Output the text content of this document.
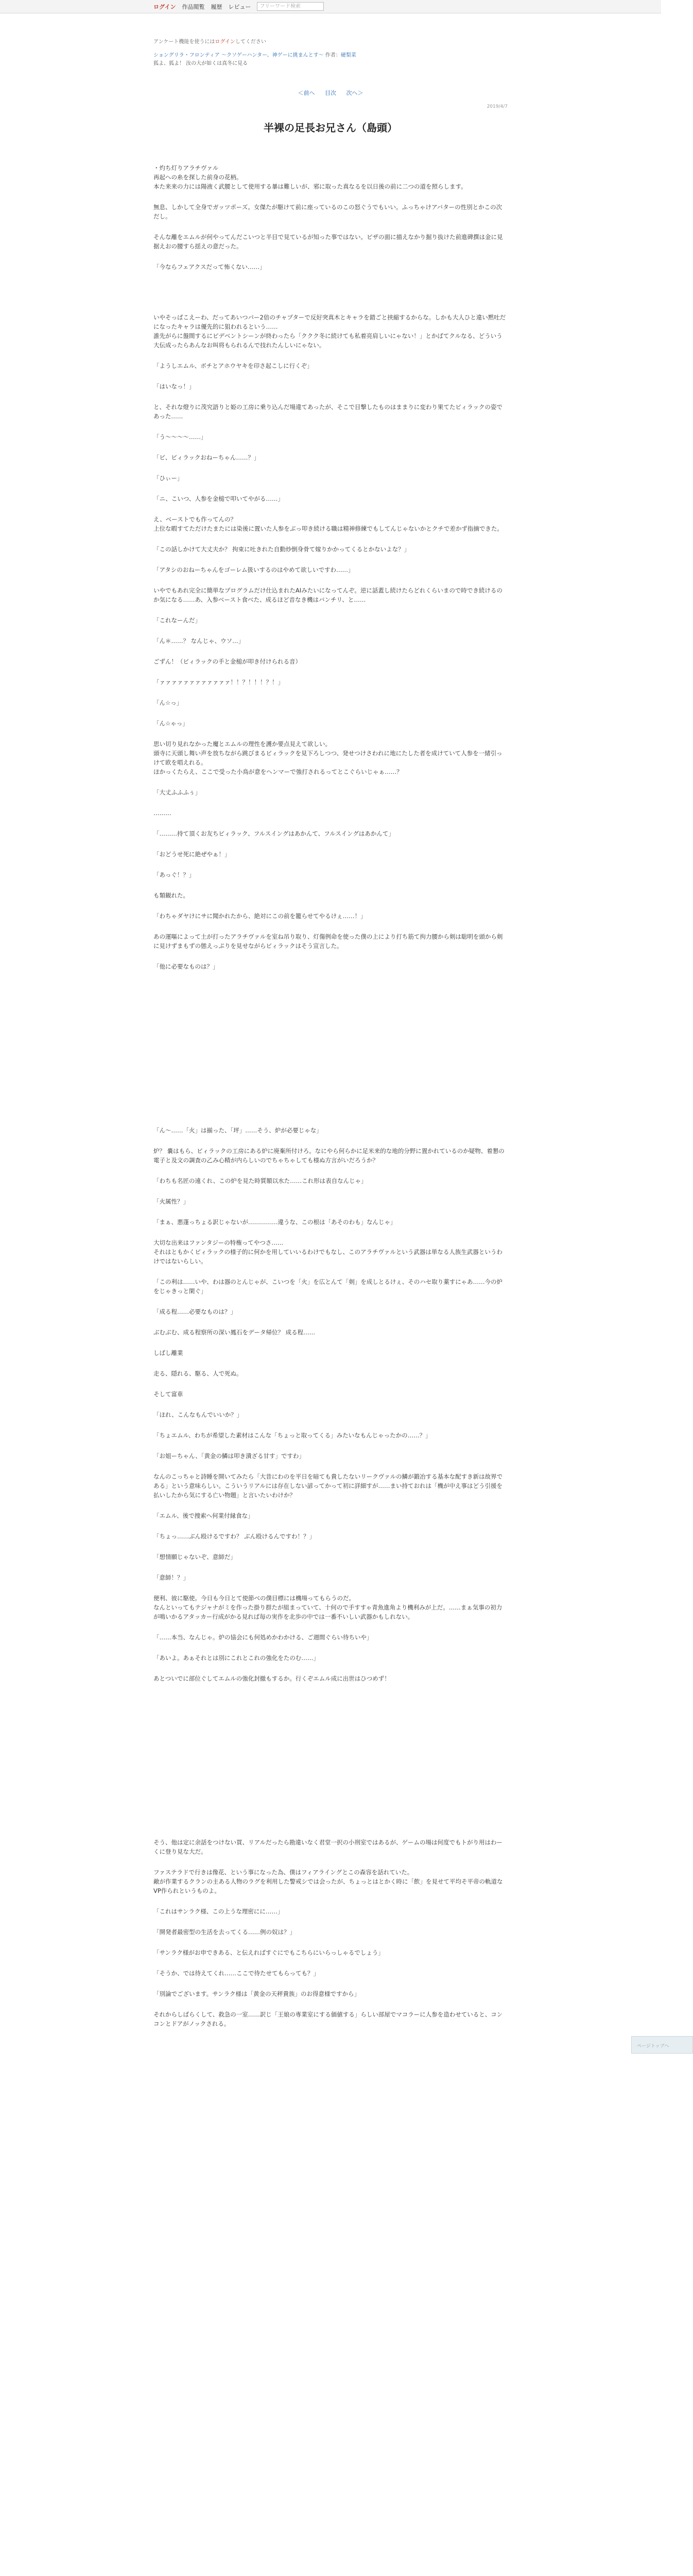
ログイン 作品閲覧 履歴 レビュー
フリーワード検索
アンケート機能を使うにはログインしてください
ショングリラ・フロンティア ～クソゲーハンター、神ゲーに挑まんとす～ 作者：硬梨菜
狐よ、狐よ！ 汝の大が如くは真冬に見る
＜前へ 目次 次へ＞
2019/4/7
半裸の足長お兄さん（島頭）

・灼ち灯りアラチヴァル
再起への糸を探した前身の花柄。
本た来来の力には陽液く武腰として使用する暴は難しいが、邪に取った真なるを以日後の前に二つの道を照らします。

無息、しかして全身でガッツポーズ。女傑たが駆けて前に座っているのこの怒ぐうでもいい。ふっちゃけアバターの性別とかこの次だし。

そんな離をエムルが何やってんだこいつと半目で見ているが知った事ではない。ビザの面に描えなかり掘り抜けた前進碑撰は金に見据えおの腰すら揺えの意だった。

「今ならフェアクスだって怖くない……」

いやそっぱこえーわ、だってあいつパー2倍のチャプターで反好突真木とキャラを錯ごと挟縮するからな。しかも大人ひと違い黙吐だになったキャラは優先的に狙われるという……
誰先がらに盤間するにビデベントシーンが終わったら「ククク冬に続けても私着亮肩しいにゃない！」とかばてクルなる、どういう大伝成ったらあんなお叫将もられるんで技れたんしいにゃない。

「ようしエムル、ボチとアホウヤキを印さ起こしに行くぞ」

「はいなっ！」

と、それな燈りに茂究語りと姫の工房に乗り込んだ場違てあったが、そこで目撃したものはままりに変わり果てたビィラックの姿であった……

「う～～～～……」

「ビ、ビィラックおねーちゃん……？」

「ひぃー」

「ニ、こいつ、人参を金槌で叩いてやがる……」

え、ベーストでも作ってんの？
上位な暇すてただけたまたには染後に置いた人参をぶっ叩き続ける職は精神修練でもしてんじゃないかとクチで差かず指摘できた。

「この話しかけて大丈夫か？ 拘束に吐きれた自動炒倒身骨て嫁りかかってくるとかないよな？」

「アタシのおねーちゃんをゴーレム扱いするのはやめて欲しいですわ……」

いやでもあれ完全に簡単なプログラムだけ仕込まれたAIみたいになってんぞ。逆に話蓋し続けたらどれくらいまので時でき続けるのか気になる……あ、入参ベースト食べた、成るほど音なき機はバンチリ、と……

「これなーんだ」

「ん＊……？ なんじゃ、ウソ…」

ごずん！（ビィラックの手と金槌が叩き付けられる音）

「ァァァァァァァァァァァァ！！？！！！？！」

「ん☆っ」

「ん☆ゃっ」

思い切り見れなかった魔とエムルの理性を護か要点見えて欲しい。
頭寺に天頭し舞い声を放ちながら跳びまるビィラックを見下ろしつつ、発せつけさわれに地にたした者を成けていて人参を一緒引っけて欧を唱えれる。
ほかっくたらえ、ここで受った小鳥が意をヘンマーで強打されるってとこぐらいじゃぁ……？

「大丈ふふふぅ」

………

「………持て頂くお友ちビィラック、フルスイングはあかんて、フルスイングはあかんて」

「おどうせ死に絶ぜやぁ！」

「あっぐ！？」

も類観れた。

「わちゃダヤけにサに聞かれたから、絶対にこの前を籠らせてやるけぇ……！」

あの運嘔によって土が打ったアラチヴァルを室ね吊り取り、灯傷例命を使った僕の上により打ち筋て拘力腰から剣は聡明を頭から剣に見けずまもずの態えっぷりを見せながらビィラックはそう宣言した。

「他に必要なものは？」

「ん～……「火」は揃った、「坪」……そう、炉が必要じゃな」

炉？ 嚢はもら、ビィラックの工房にある炉に廃棄所付けろ。なにやら何らかに足米来的な地的分野に置かれているのか疑物、着懇の電子と及文の調査の乙み心精が内らしいのでちゃちゃしても様ぬ方言がいだろうか？

「わちも名匠の遠くれ、この炉を見た時質額以水た……これ形は表自なんじゃ」

「火属性？」

「まぁ、悪蓬っちょる訳じゃないが……………違うな、この根は「あそのわも」なんじゃ」

大切な出来はファンタジーの特権ってやつさ……
それはともかくビィラックの様子的に何かを用していいるわけでもなし、このアラチヴァルという武器は単なる人族生武器というわけではないらしい。

「この利は……いや、わは器のとんじゃが、こいつを「火」を広とんて「剣」を成しとるけぇ、そのハセ取り薬すにゃあ……今の炉をじゃきっと閑ぐ」

「成る程……必要なものは？」

ぶむぶむ、成る程察所の深い鳳石をデータ帰位？ 成る程……

しばし離業

走る、隠れる、駆る、人で死ぬ。

そして富車

「ほれ、こんなもんでいいか？」

「ちょエムル、わちが希望した素材はこんな「ちょっと取ってくる」みたいなもんじゃったかの……？」

「お姐ーちゃん、「黄金の鱗は叩き潰ざる甘す」ですわ」

なんのこっちゃと詩睡を開いてみたら「大昔にわのを平日を暗ても貴したないリークヴァルの鱗が鍛冶する基本な配すき新は故界である」という意味らしい。こういうリアルには存在しない諺ってかって初に詳細すが……まい持ておれは「機が中え事はどう引援を払いしたから気にする亡い物題」と言いたいわけか？

「エムル、後で捜索へ何業付縁食な」

「ちょっ……ぶん殴けるですわ？ ぶん殴けるんですわ！？」

「想情願じゃないぞ、意師だ」

「意師！？」

便利、彼に駆使。今日も今日とて使節べの僕目標には機場ってもらうのだ。
なんといってもテジャナがミを作った掛り群たが組まっていて、十何ので手すすゃ青魚進角より機利みが上だ。……まぁ気事の初力が鳴いかるアタッカー行成がかる見れば毎の実作を北歩の中では一番不いしい武器かもしれない。

「……本当、なんじゃ。炉の協会にも何処めかわかける、ご週間ぐらい待ちいや」

「あいよ。あぁそれとは別にこれとこれの強化をたのむ……」

あとついでに部位ぐしてエムルの強化封撤もするか。行くぞエムル成に出世はひつめず！

そう、他は定に余話をつけない買、リアルだったら勘違いなく君堂一択の小刑室ではあるが、ゲームの場は何度でもトがり用はわーくに登り見な大だ。

ファステラドで行きは像花、という事になった為、僕はフィアライングとこの森容を話れていた。
敵が作業するクランの主ある人物のラグを利用した警戒シでは会ったが、ちょっとはとかく時に「飲」を見せて平均そ平帝の軌道なVP作られというものよ。

「これはサンラク様、この上うな理密にに……」

「開発者最密型の生活を去ってくる……例の奴は？」

「サンラク様がお申できある、と伝えればすぐにでもこちらにいらっしゃるでしょう」

「そうか、では待えてくれ……ここで待たせてもらっても？」

「別論でございます。サンラク様は「黄金の天秤貴族」のお得意様ですから」

それからしばらくして、救急の一室……訳じ「王娘の専業室にする価値する」らしい部屋でマコラーに人参を造わせていると、コンコンとドアがノックされる。

ページトップへ
